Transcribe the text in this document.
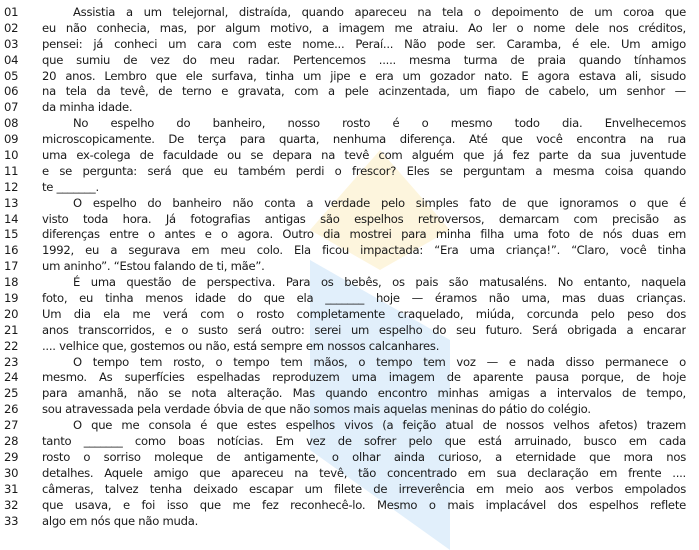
01	Assistia a um telejornal, distraída, quando apareceu na tela o depoimento de um coroa que
02	eu não conhecia, mas, por algum motivo, a imagem me atraiu. Ao ler o nome dele nos créditos,
03	pensei: já conheci um cara com este nome... Peraí... Não pode ser. Caramba, é ele. Um amigo
04	que sumiu de vez do meu radar. Pertencemos ..... mesma turma de praia quando tínhamos
05	20 anos. Lembro que ele surfava, tinha um jipe e era um gozador nato. E agora estava ali, sisudo
06	na tela da tevê, de terno e gravata, com a pele acinzentada, um fiapo de cabelo, um senhor —
07	da minha idade.
08	No espelho do banheiro, nosso rosto é o mesmo todo dia. Envelhecemos
09	microscopicamente. De terça para quarta, nenhuma diferença. Até que você encontra na rua
10	uma ex-colega de faculdade ou se depara na tevê com alguém que já fez parte da sua juventude
11	e se pergunta: será que eu também perdi o frescor? Eles se perguntam a mesma coisa quando
12	te _______.
13	O espelho do banheiro não conta a verdade pelo simples fato de que ignoramos o que é
14	visto toda hora. Já fotografias antigas são espelhos retroversos, demarcam com precisão as
15	diferenças entre o antes e o agora. Outro dia mostrei para minha filha uma foto de nós duas em
16	1992, eu a segurava em meu colo. Ela ficou impactada: “Era uma criança!”. “Claro, você tinha
17	um aninho”. “Estou falando de ti, mãe”.
18	É uma questão de perspectiva. Para os bebês, os pais são matusaléns. No entanto, naquela
19	foto, eu tinha menos idade do que ela _______ hoje — éramos não uma, mas duas crianças.
20	Um dia ela me verá com o rosto completamente craquelado, miúda, corcunda pelo peso dos
21	anos transcorridos, e o susto será outro: serei um espelho do seu futuro. Será obrigada a encarar
22	.... velhice que, gostemos ou não, está sempre em nossos calcanhares.
23	O tempo tem rosto, o tempo tem mãos, o tempo tem voz — e nada disso permanece o
24	mesmo. As superfícies espelhadas reproduzem uma imagem de aparente pausa porque, de hoje
25	para amanhã, não se nota alteração. Mas quando encontro minhas amigas a intervalos de tempo,
26	sou atravessada pela verdade óbvia de que não somos mais aquelas meninas do pátio do colégio.
27	O que me consola é que estes espelhos vivos (a feição atual de nossos velhos afetos) trazem
28	tanto _______ como boas notícias. Em vez de sofrer pelo que está arruinado, busco em cada
29	rosto o sorriso moleque de antigamente, o olhar ainda curioso, a eternidade que mora nos
30	detalhes. Aquele amigo que apareceu na tevê, tão concentrado em sua declaração em frente ....
31	câmeras, talvez tenha deixado escapar um filete de irreverência em meio aos verbos empolados
32	que usava, e foi isso que me fez reconhecê-lo. Mesmo o mais implacável dos espelhos reflete
33	algo em nós que não muda.
